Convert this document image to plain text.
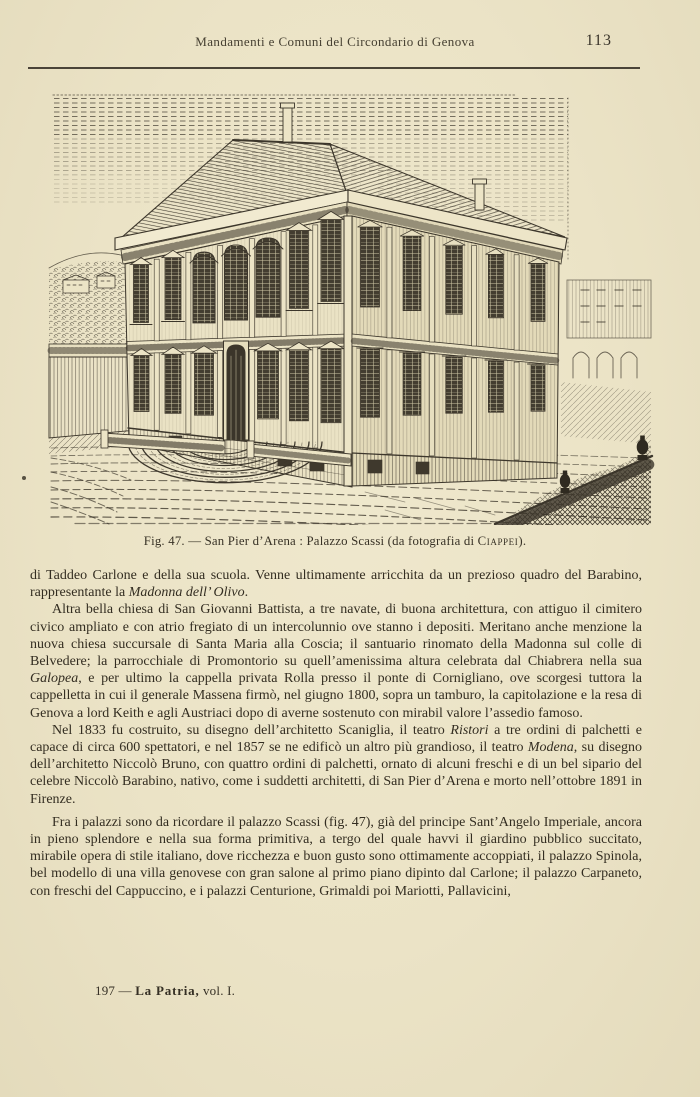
Mandamenti e Comuni del Circondario di Genova	113
Fig. 47. — San Pier d’Arena : Palazzo Scassi (da fotografia di Ciappei).

di Taddeo Carlone e della sua scuola. Venne ultimamente arricchita da un prezioso quadro del Barabino, rappresentante la Madonna dell’ Olivo.

Altra bella chiesa di San Giovanni Battista, a tre navate, di buona architettura, con attiguo il cimitero civico ampliato e con atrio fregiato di un intercolunnio ove stanno i depositi. Meritano anche menzione la nuova chiesa succursale di Santa Maria alla Coscia; il santuario rinomato della Madonna sul colle di Belvedere; la parrocchiale di Promontorio su quell’amenissima altura celebrata dal Chiabrera nella sua Galopea, e per ultimo la cappella privata Rolla presso il ponte di Cornigliano, ove scorgesi tuttora la cappelletta in cui il generale Massena firmò, nel giugno 1800, sopra un tamburo, la capitolazione e la resa di Genova a lord Keith e agli Austriaci dopo di averne sostenuto con mirabil valore l’assedio famoso.

Nel 1833 fu costruito, su disegno dell’architetto Scaniglia, il teatro Ristori a tre ordini di palchetti e capace di circa 600 spettatori, e nel 1857 se ne edificò un altro più grandioso, il teatro Modena, su disegno dell’architetto Niccolò Bruno, con quattro ordini di palchetti, ornato di alcuni freschi e di un bel sipario del celebre Niccolò Barabino, nativo, come i suddetti architetti, di San Pier d’Arena e morto nell’ottobre 1891 in Firenze.

Fra i palazzi sono da ricordare il palazzo Scassi (fig. 47), già del principe Sant’Angelo Imperiale, ancora in pieno splendore e nella sua forma primitiva, a tergo del quale havvi il giardino pubblico succitato, mirabile opera di stile italiano, dove ricchezza e buon gusto sono ottimamente accoppiati, il palazzo Spinola, bel modello di una villa genovese con gran salone al primo piano dipinto dal Carlone; il palazzo Carpaneto, con freschi del Cappuccino, e i palazzi Centurione, Grimaldi poi Mariotti, Pallavicini,

197 — La Patria, vol. I.
